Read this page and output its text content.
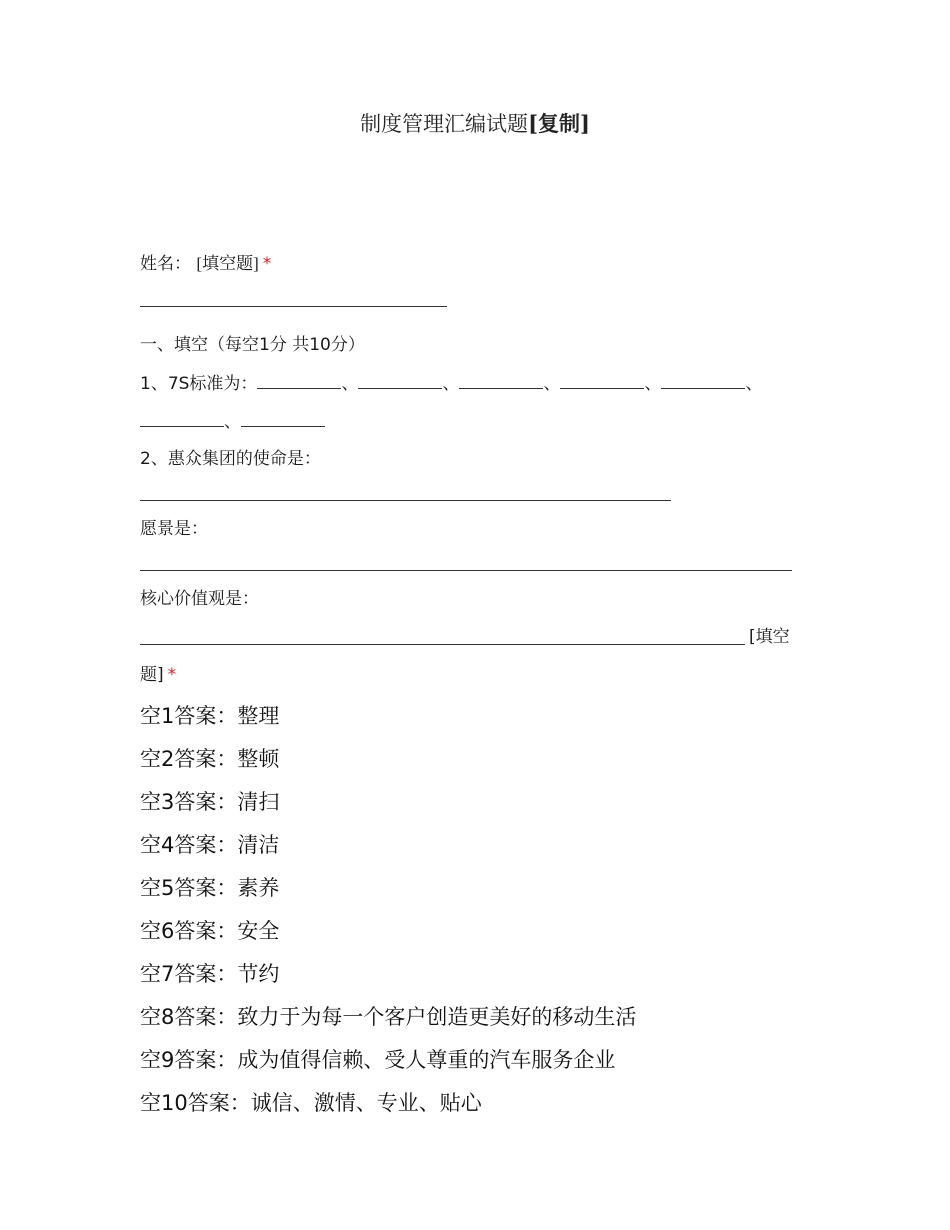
制度管理汇编试题[复制]
姓名： [填空题] *
一、填空（每空1分 共10分）
1、7S标准为：	、	、	、	、	、
、
2、惠众集团的使命是：
愿景是：
核心价值观是：
[填空
题] *
空1答案：整理
空2答案：整顿
空3答案：清扫
空4答案：清洁
空5答案：素养
空6答案：安全
空7答案：节约
空8答案：致力于为每一个客户创造更美好的移动生活
空9答案：成为值得信赖、受人尊重的汽车服务企业
空10答案：诚信、激情、专业、贴心
